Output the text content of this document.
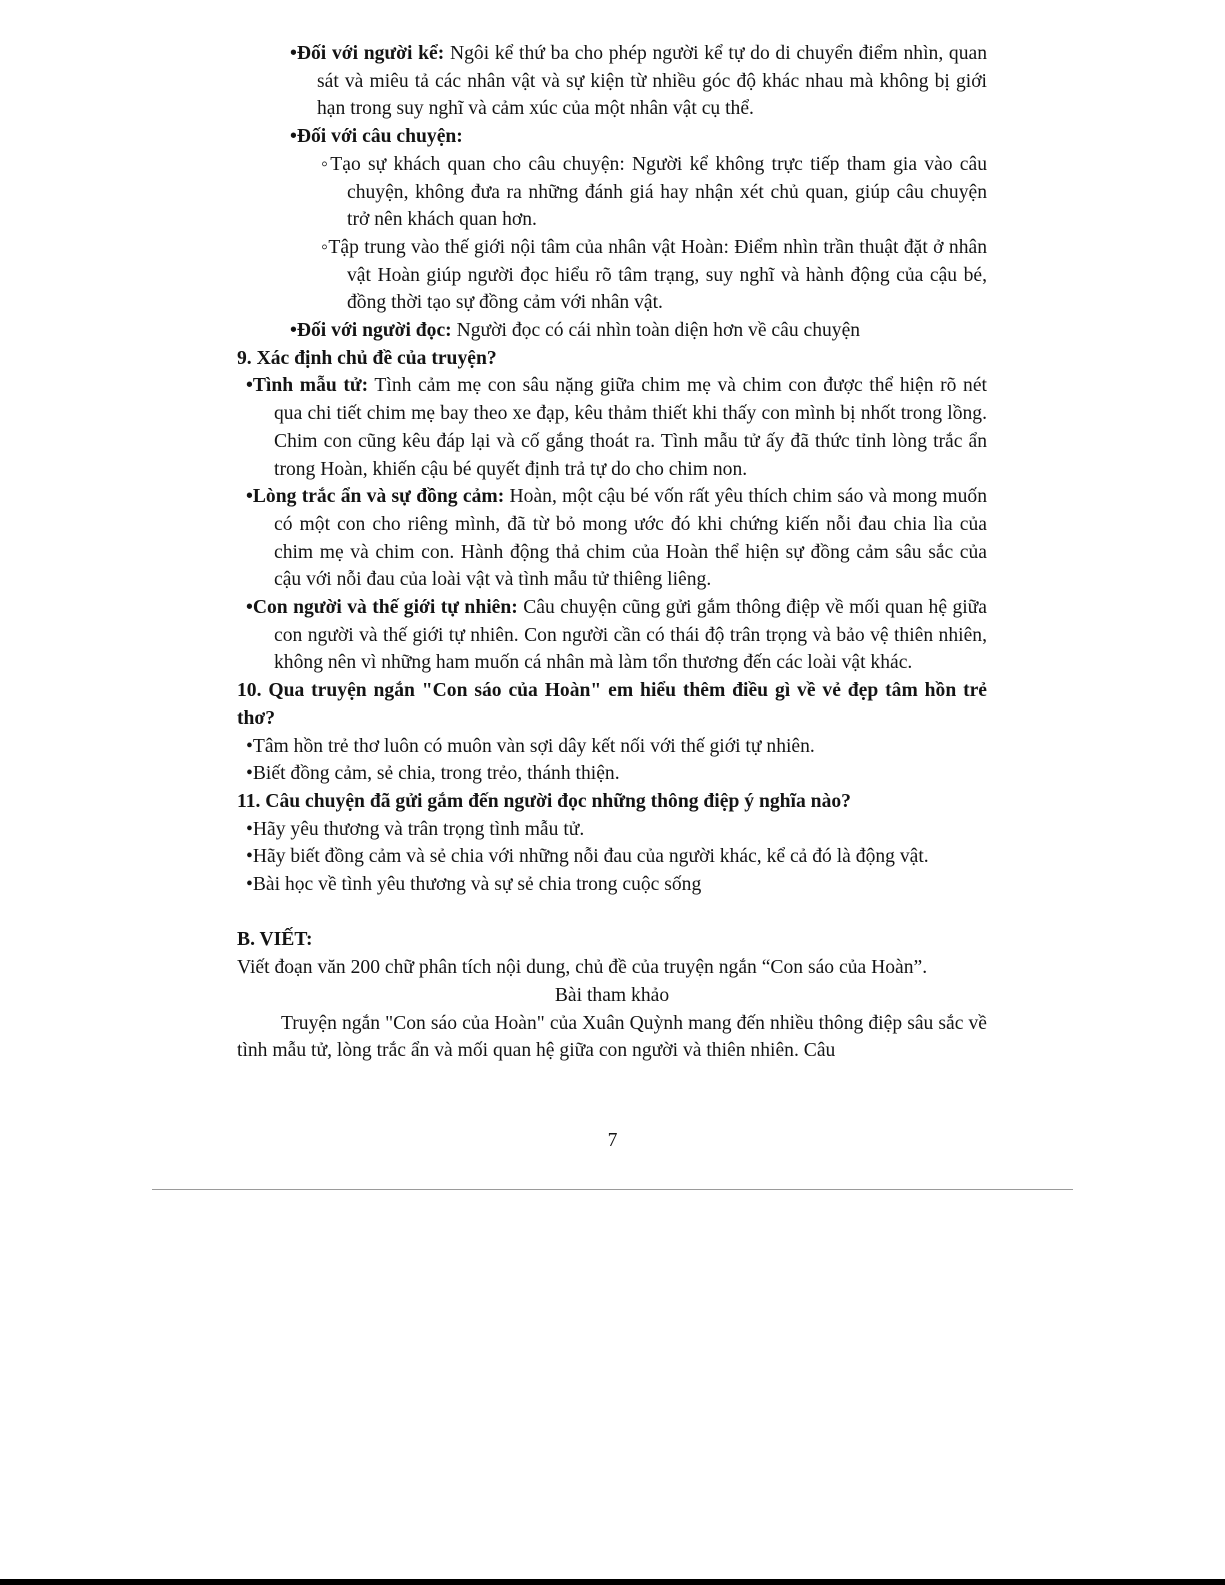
•Đối với người kể: Ngôi kể thứ ba cho phép người kể tự do di chuyển điểm nhìn, quan sát và miêu tả các nhân vật và sự kiện từ nhiều góc độ khác nhau mà không bị giới hạn trong suy nghĩ và cảm xúc của một nhân vật cụ thể.

•Đối với câu chuyện:

◦Tạo sự khách quan cho câu chuyện: Người kể không trực tiếp tham gia vào câu chuyện, không đưa ra những đánh giá hay nhận xét chủ quan, giúp câu chuyện trở nên khách quan hơn.

◦Tập trung vào thế giới nội tâm của nhân vật Hoàn: Điểm nhìn trần thuật đặt ở nhân vật Hoàn giúp người đọc hiểu rõ tâm trạng, suy nghĩ và hành động của cậu bé, đồng thời tạo sự đồng cảm với nhân vật.

•Đối với người đọc: Người đọc có cái nhìn toàn diện hơn về câu chuyện

9. Xác định chủ đề của truyện?

•Tình mẫu tử: Tình cảm mẹ con sâu nặng giữa chim mẹ và chim con được thể hiện rõ nét qua chi tiết chim mẹ bay theo xe đạp, kêu thảm thiết khi thấy con mình bị nhốt trong lồng. Chim con cũng kêu đáp lại và cố gắng thoát ra. Tình mẫu tử ấy đã thức tỉnh lòng trắc ẩn trong Hoàn, khiến cậu bé quyết định trả tự do cho chim non.

•Lòng trắc ẩn và sự đồng cảm: Hoàn, một cậu bé vốn rất yêu thích chim sáo và mong muốn có một con cho riêng mình, đã từ bỏ mong ước đó khi chứng kiến nỗi đau chia lìa của chim mẹ và chim con. Hành động thả chim của Hoàn thể hiện sự đồng cảm sâu sắc của cậu với nỗi đau của loài vật và tình mẫu tử thiêng liêng.

•Con người và thế giới tự nhiên: Câu chuyện cũng gửi gắm thông điệp về mối quan hệ giữa con người và thế giới tự nhiên. Con người cần có thái độ trân trọng và bảo vệ thiên nhiên, không nên vì những ham muốn cá nhân mà làm tổn thương đến các loài vật khác.

10. Qua truyện ngắn "Con sáo của Hoàn" em hiểu thêm điều gì về vẻ đẹp tâm hồn trẻ thơ?

•Tâm hồn trẻ thơ luôn có muôn vàn sợi dây kết nối với thế giới tự nhiên.

•Biết đồng cảm, sẻ chia, trong trẻo, thánh thiện.

11. Câu chuyện đã gửi gắm đến người đọc những thông điệp ý nghĩa nào?

•Hãy yêu thương và trân trọng tình mẫu tử.

•Hãy biết đồng cảm và sẻ chia với những nỗi đau của người khác, kể cả đó là động vật.

•Bài học về tình yêu thương và sự sẻ chia trong cuộc sống

B. VIẾT:

Viết đoạn văn 200 chữ phân tích nội dung, chủ đề của truyện ngắn “Con sáo của Hoàn”.

Bài tham khảo

Truyện ngắn "Con sáo của Hoàn" của Xuân Quỳnh mang đến nhiều thông điệp sâu sắc về tình mẫu tử, lòng trắc ẩn và mối quan hệ giữa con người và thiên nhiên. Câu

7
